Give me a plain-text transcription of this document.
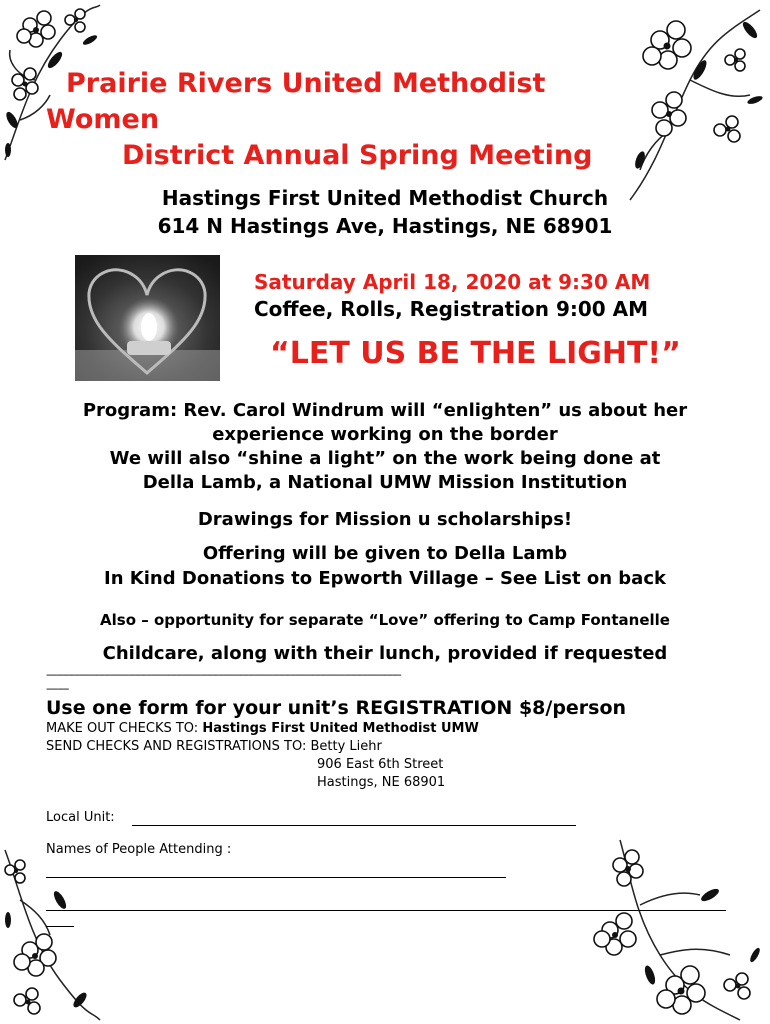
Prairie Rivers United Methodist
Women
District Annual Spring Meeting
Hastings First United Methodist Church
614 N Hastings Ave, Hastings, NE 68901
Saturday April 18, 2020 at 9:30 AM
Coffee, Rolls, Registration 9:00 AM
“LET US BE THE LIGHT!”
Program: Rev. Carol Windrum will “enlighten” us about her
experience working on the border
We will also “shine a light” on the work being done at
Della Lamb, a National UMW Mission Institution
Drawings for Mission u scholarships!
Offering will be given to Della Lamb
In Kind Donations to Epworth Village – See List on back
Also – opportunity for separate “Love” offering to Camp Fontanelle
Childcare, along with their lunch, provided if requested
--------------------------------------------------------------------------------------------------------------------------------
--------
Use one form for your unit’s REGISTRATION $8/person
MAKE OUT CHECKS TO: Hastings First United Methodist UMW
SEND CHECKS AND REGISTRATIONS TO: Betty Liehr
906 East 6th Street
Hastings, NE 68901
Local Unit:
Names of People Attending :
